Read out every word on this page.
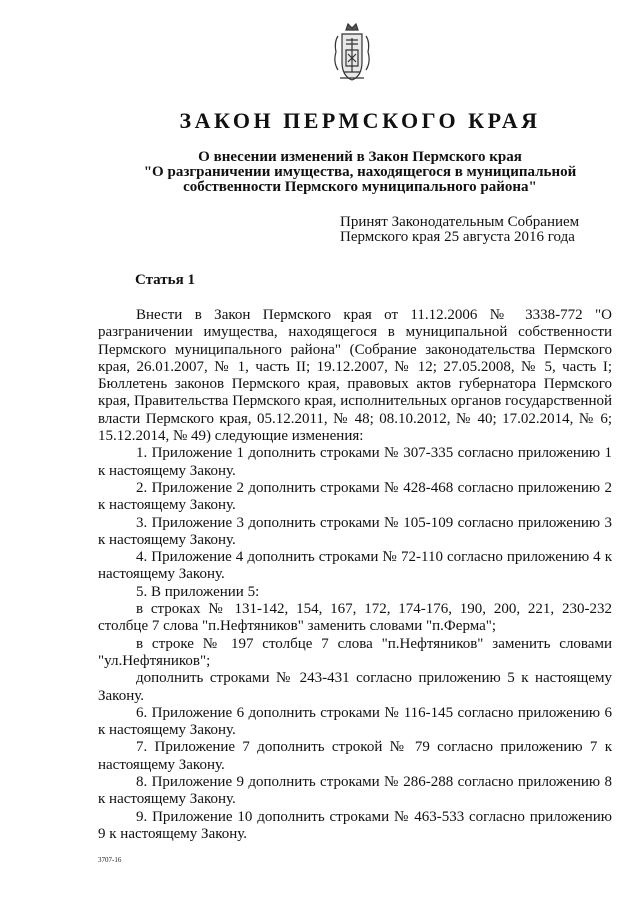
ЗАКОН ПЕРМСКОГО КРАЯ
О внесении изменений в Закон Пермского края
"О разграничении имущества, находящегося в муниципальной
собственности Пермского муниципального района"
Принят Законодательным Собранием
Пермского края 25 августа 2016 года
Статья 1

Внести в Закон Пермского края от 11.12.2006 № 3338-772 "О разграничении имущества, находящегося в муниципальной собственности Пермского муниципального района" (Собрание законодательства Пермского края, 26.01.2007, № 1, часть II; 19.12.2007, № 12; 27.05.2008, № 5, часть I; Бюллетень законов Пермского края, правовых актов губернатора Пермского края, Правительства Пермского края, исполнительных органов государственной власти Пермского края, 05.12.2011, № 48; 08.10.2012, № 40; 17.02.2014, № 6; 15.12.2014, № 49) следующие изменения:

1. Приложение 1 дополнить строками № 307-335 согласно приложению 1 к настоящему Закону.

2. Приложение 2 дополнить строками № 428-468 согласно приложению 2 к настоящему Закону.

3. Приложение 3 дополнить строками № 105-109 согласно приложению 3 к настоящему Закону.

4. Приложение 4 дополнить строками № 72-110 согласно приложению 4 к настоящему Закону.

5. В приложении 5:

в строках № 131-142, 154, 167, 172, 174-176, 190, 200, 221, 230-232 столбце 7 слова "п.Нефтяников" заменить словами "п.Ферма";

в строке № 197 столбце 7 слова "п.Нефтяников" заменить словами "ул.Нефтяников";

дополнить строками № 243-431 согласно приложению 5 к настоящему Закону.

6. Приложение 6 дополнить строками № 116-145 согласно приложению 6 к настоящему Закону.

7. Приложение 7 дополнить строкой № 79 согласно приложению 7 к настоящему Закону.

8. Приложение 9 дополнить строками № 286-288 согласно приложению 8 к настоящему Закону.

9. Приложение 10 дополнить строками № 463-533 согласно приложению 9 к настоящему Закону.

3707-16
